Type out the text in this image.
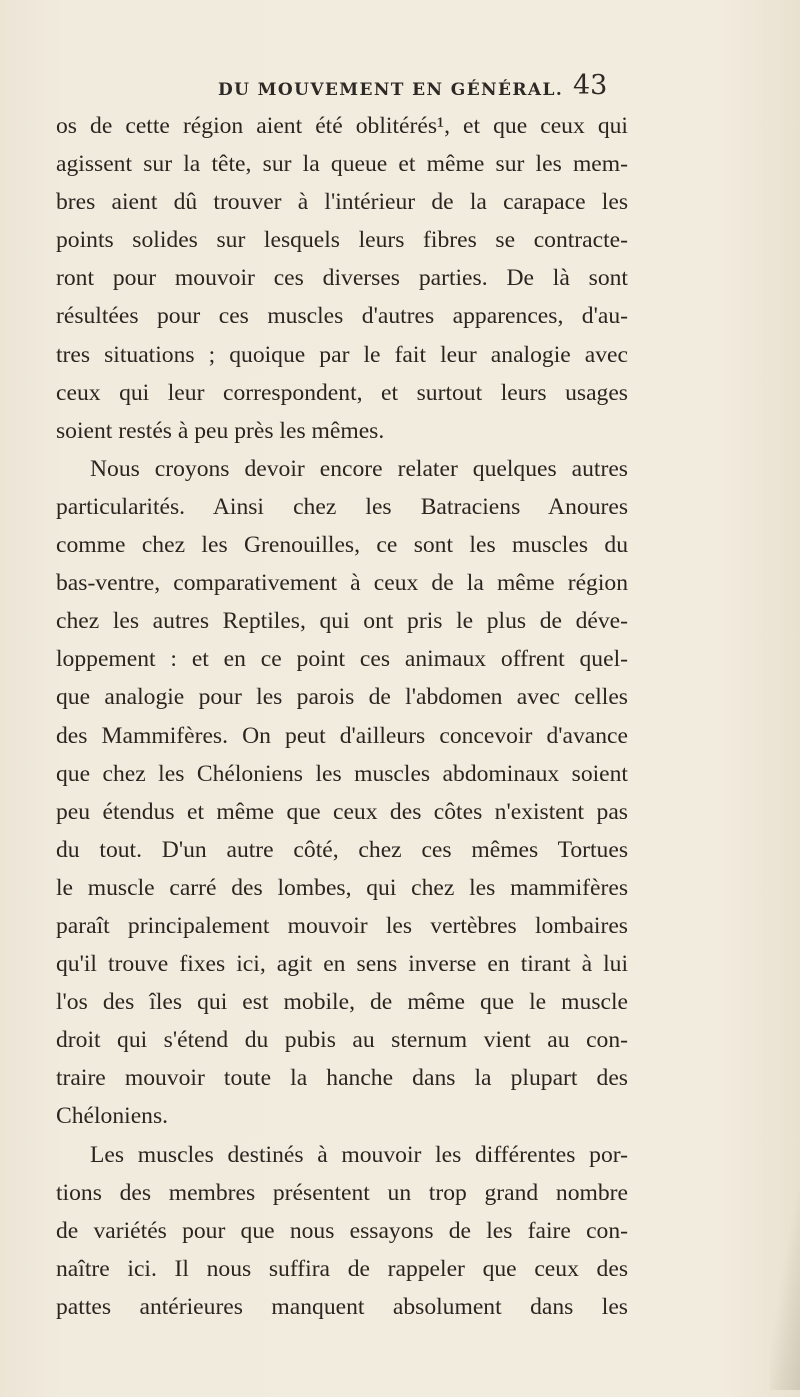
DU MOUVEMENT EN GÉNÉRAL. 43
os de cette région aient été oblitérés¹, et que ceux qui
agissent sur la tête, sur la queue et même sur les mem-
bres aient dû trouver à l'intérieur de la carapace les
points solides sur lesquels leurs fibres se contracte-
ront pour mouvoir ces diverses parties. De là sont
résultées pour ces muscles d'autres apparences, d'au-
tres situations ; quoique par le fait leur analogie avec
ceux qui leur correspondent, et surtout leurs usages
soient restés à peu près les mêmes.
Nous croyons devoir encore relater quelques autres
particularités. Ainsi chez les Batraciens Anoures
comme chez les Grenouilles, ce sont les muscles du
bas-ventre, comparativement à ceux de la même région
chez les autres Reptiles, qui ont pris le plus de déve-
loppement : et en ce point ces animaux offrent quel-
que analogie pour les parois de l'abdomen avec celles
des Mammifères. On peut d'ailleurs concevoir d'avance
que chez les Chéloniens les muscles abdominaux soient
peu étendus et même que ceux des côtes n'existent pas
du tout. D'un autre côté, chez ces mêmes Tortues
le muscle carré des lombes, qui chez les mammifères
paraît principalement mouvoir les vertèbres lombaires
qu'il trouve fixes ici, agit en sens inverse en tirant à lui
l'os des îles qui est mobile, de même que le muscle
droit qui s'étend du pubis au sternum vient au con-
traire mouvoir toute la hanche dans la plupart des
Chéloniens.
Les muscles destinés à mouvoir les différentes por-
tions des membres présentent un trop grand nombre
de variétés pour que nous essayons de les faire con-
naître ici. Il nous suffira de rappeler que ceux des
pattes antérieures manquent absolument dans les
